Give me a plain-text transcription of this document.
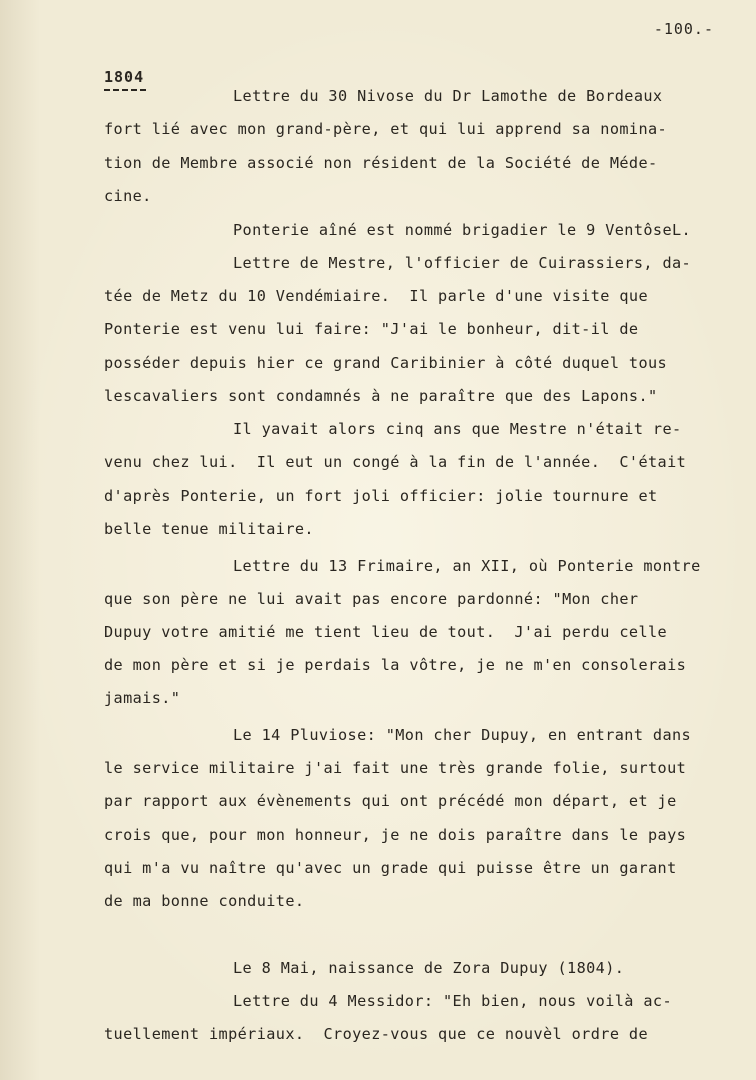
-100.-
1804
Lettre du 30 Nivose du Dr Lamothe de Bordeaux
fort lié avec mon grand-père, et qui lui apprend sa nomina-
tion de Membre associé non résident de la Société de Méde-
cine.
Ponterie aîné est nommé brigadier le 9 VentôseL.
Lettre de Mestre, l'officier de Cuirassiers, da-
tée de Metz du 10 Vendémiaire.  Il parle d'une visite que
Ponterie est venu lui faire: "J'ai le bonheur, dit-il de
posséder depuis hier ce grand Caribinier à côté duquel tous
lescavaliers sont condamnés à ne paraître que des Lapons."
Il yavait alors cinq ans que Mestre n'était re-
venu chez lui.  Il eut un congé à la fin de l'année.  C'était
d'après Ponterie, un fort joli officier: jolie tournure et
belle tenue militaire.
Lettre du 13 Frimaire, an XII, où Ponterie montre
que son père ne lui avait pas encore pardonné: "Mon cher
Dupuy votre amitié me tient lieu de tout.  J'ai perdu celle
de mon père et si je perdais la vôtre, je ne m'en consolerais
jamais."
Le 14 Pluviose: "Mon cher Dupuy, en entrant dans
le service militaire j'ai fait une très grande folie, surtout
par rapport aux évènements qui ont précédé mon départ, et je
crois que, pour mon honneur, je ne dois paraître dans le pays
qui m'a vu naître qu'avec un grade qui puisse être un garant
de ma bonne conduite.
Le 8 Mai, naissance de Zora Dupuy (1804).
Lettre du 4 Messidor: "Eh bien, nous voilà ac-
tuellement impériaux.  Croyez-vous que ce nouvèl ordre de
